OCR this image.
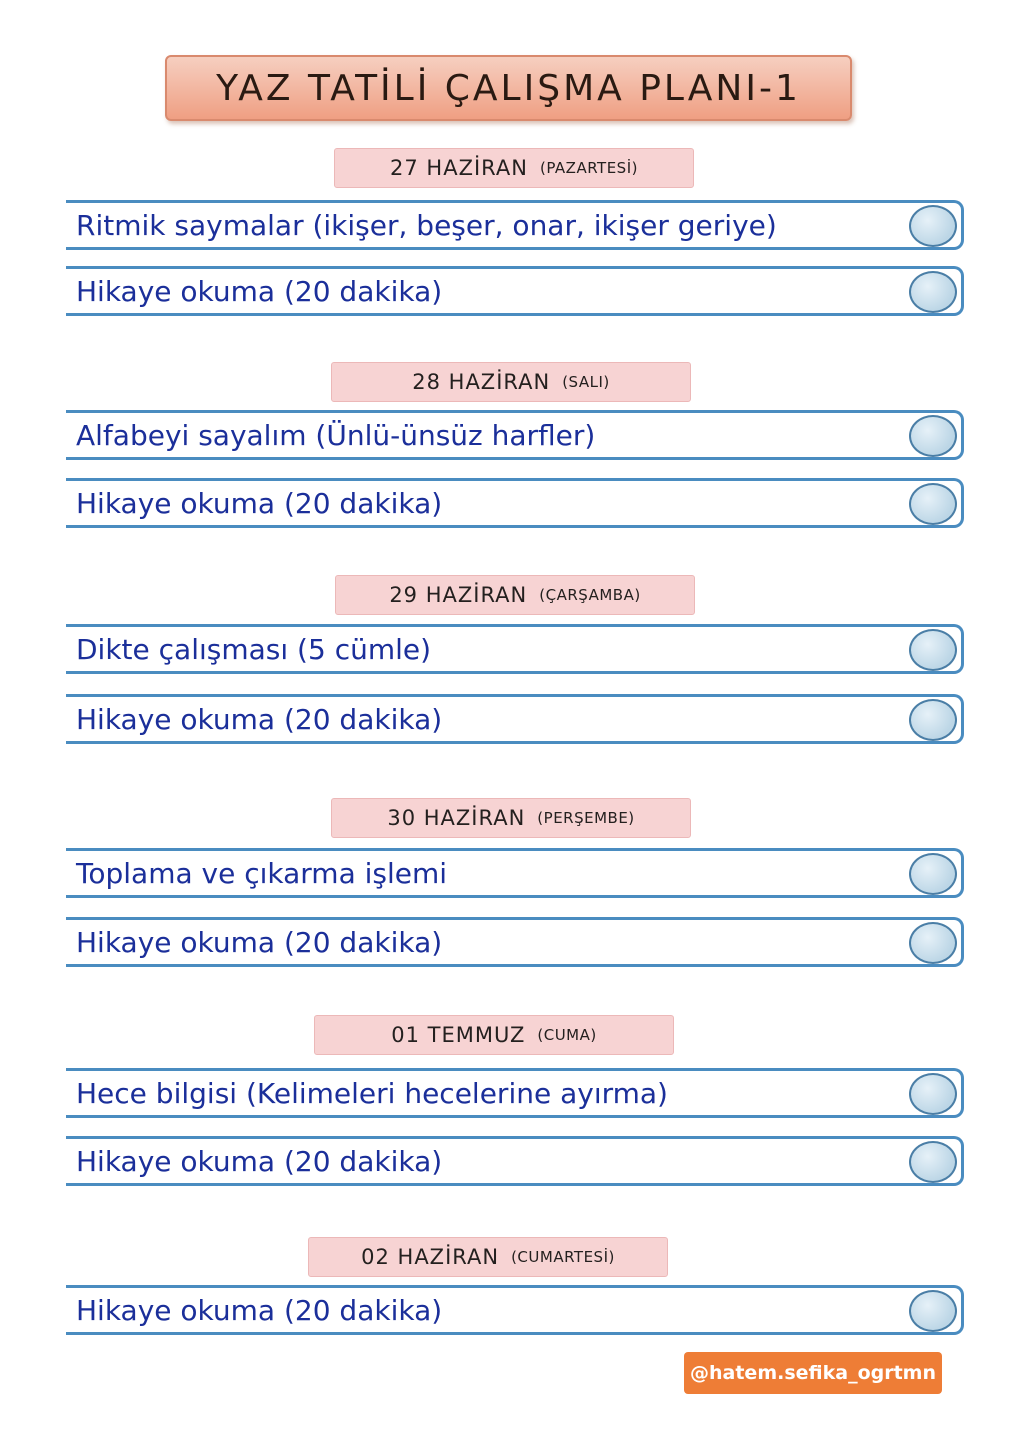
YAZ TATİLİ ÇALIŞMA PLANI-1
27 HAZİRAN (PAZARTESİ)
Ritmik saymalar (ikişer, beşer, onar, ikişer geriye)
Hikaye okuma (20 dakika)
28 HAZİRAN (SALI)
Alfabeyi sayalım (Ünlü-ünsüz harfler)
Hikaye okuma (20 dakika)
29 HAZİRAN (ÇARŞAMBA)
Dikte çalışması (5 cümle)
Hikaye okuma (20 dakika)
30 HAZİRAN (PERŞEMBE)
Toplama ve çıkarma işlemi
Hikaye okuma (20 dakika)
01 TEMMUZ (CUMA)
Hece bilgisi (Kelimeleri hecelerine ayırma)
Hikaye okuma (20 dakika)
02 HAZİRAN (CUMARTESİ)
Hikaye okuma (20 dakika)
@hatem.sefika_ogrtmn
